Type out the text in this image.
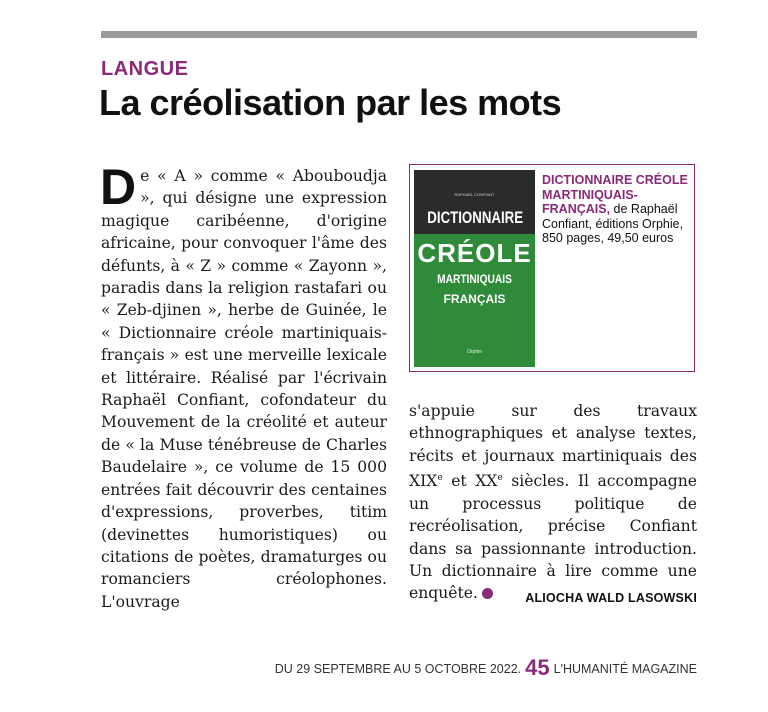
LANGUE
La créolisation par les mots

De « A » comme « Abouboudja », qui désigne une expression magique caribéenne, d'origine africaine, pour convoquer l'âme des défunts, à « Z » comme « Zayonn », paradis dans la religion rastafari ou « Zeb-djinen », herbe de Guinée, le « Dictionnaire créole martiniquais-français » est une merveille lexicale et littéraire. Réalisé par l'écrivain Raphaël Confiant, cofondateur du Mouvement de la créolité et auteur de « la Muse ténébreuse de Charles Baudelaire », ce volume de 15 000 entrées fait découvrir des centaines d'expressions, proverbes, titim (devinettes humoristiques) ou citations de poètes, dramaturges ou romanciers créolophones. L'ouvrage

RAPHAËL CONFIANT
DICTIONNAIRE
CRÉOLE
MARTINIQUAIS
FRANÇAIS
Orphie
DICTIONNAIRE CRÉOLE MARTINIQUAIS-FRANÇAIS, de Raphaël Confiant, éditions Orphie, 850 pages, 49,50 euros

s'appuie sur des travaux ethnographiques et analyse textes, récits et journaux martiniquais des XIXe et XXe siècles. Il accompagne un processus politique de recréolisation, précise Confiant dans sa passionnante introduction. Un dictionnaire à lire comme une enquête.	ALIOCHA WALD LASOWSKI
DU 29 SEPTEMBRE AU 5 OCTOBRE 2022. 45 L'HUMANITÉ MAGAZINE
